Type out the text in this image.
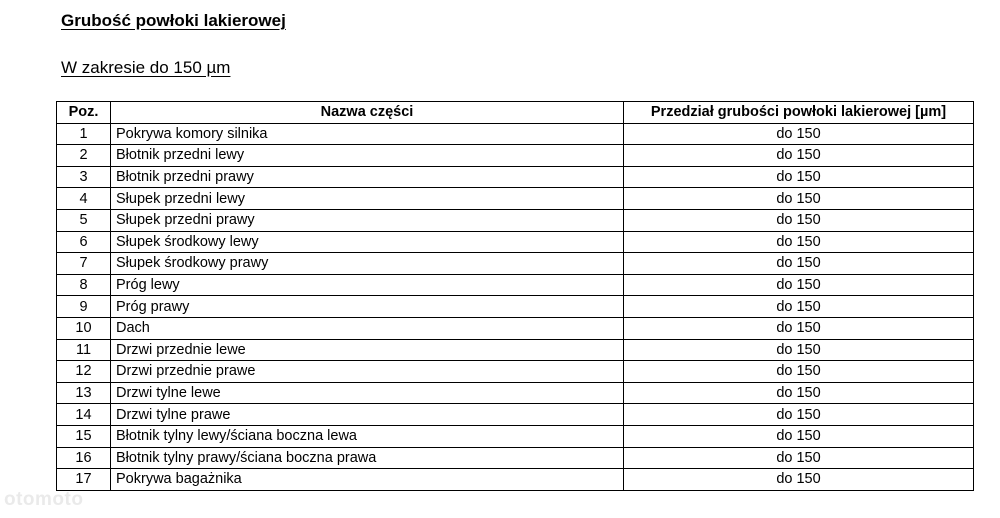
Grubość powłoki lakierowej
W zakresie do 150 µm
Poz.	Nazwa części	Przedział grubości powłoki lakierowej [µm]
1	Pokrywa komory silnika	do 150
2	Błotnik przedni lewy	do 150
3	Błotnik przedni prawy	do 150
4	Słupek przedni lewy	do 150
5	Słupek przedni prawy	do 150
6	Słupek środkowy lewy	do 150
7	Słupek środkowy prawy	do 150
8	Próg lewy	do 150
9	Próg prawy	do 150
10	Dach	do 150
11	Drzwi przednie lewe	do 150
12	Drzwi przednie prawe	do 150
13	Drzwi tylne lewe	do 150
14	Drzwi tylne prawe	do 150
15	Błotnik tylny lewy/ściana boczna lewa	do 150
16	Błotnik tylny prawy/ściana boczna prawa	do 150
17	Pokrywa bagażnika	do 150
otomoto
